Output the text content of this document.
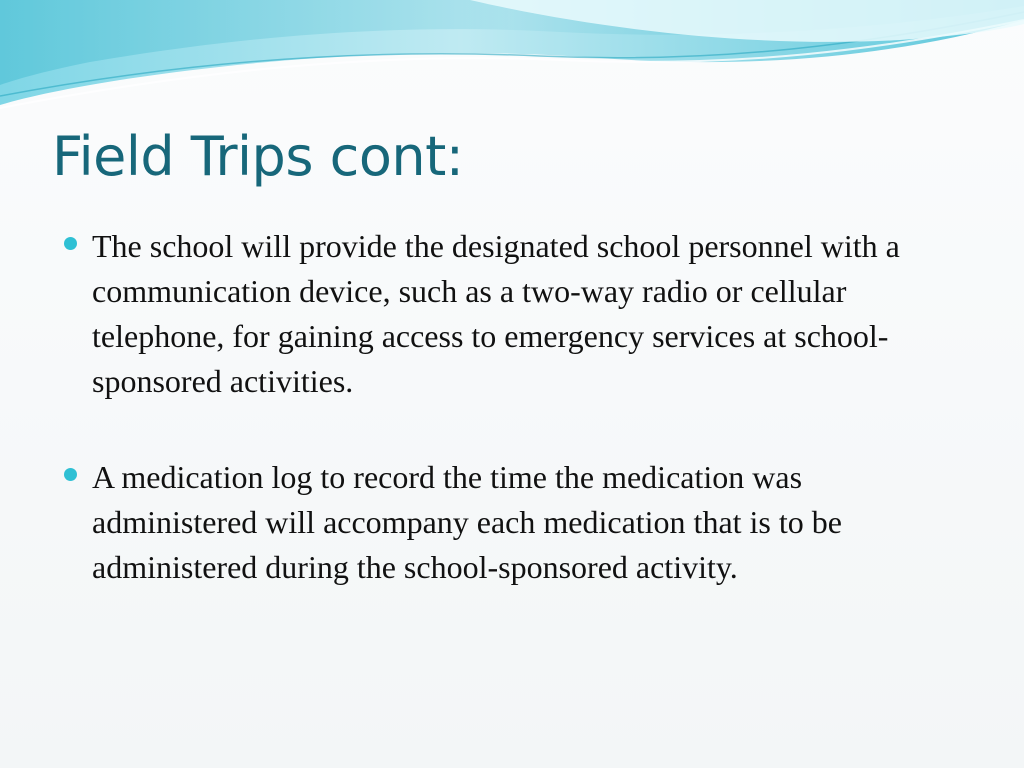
Field Trips cont:
The school will provide the designated school personnel with a communication device, such as a two-way radio or cellular telephone, for gaining access to emergency services at school-sponsored activities.
A medication log to record the time the medication was administered will accompany each medication that is to be administered during the school-sponsored activity.
